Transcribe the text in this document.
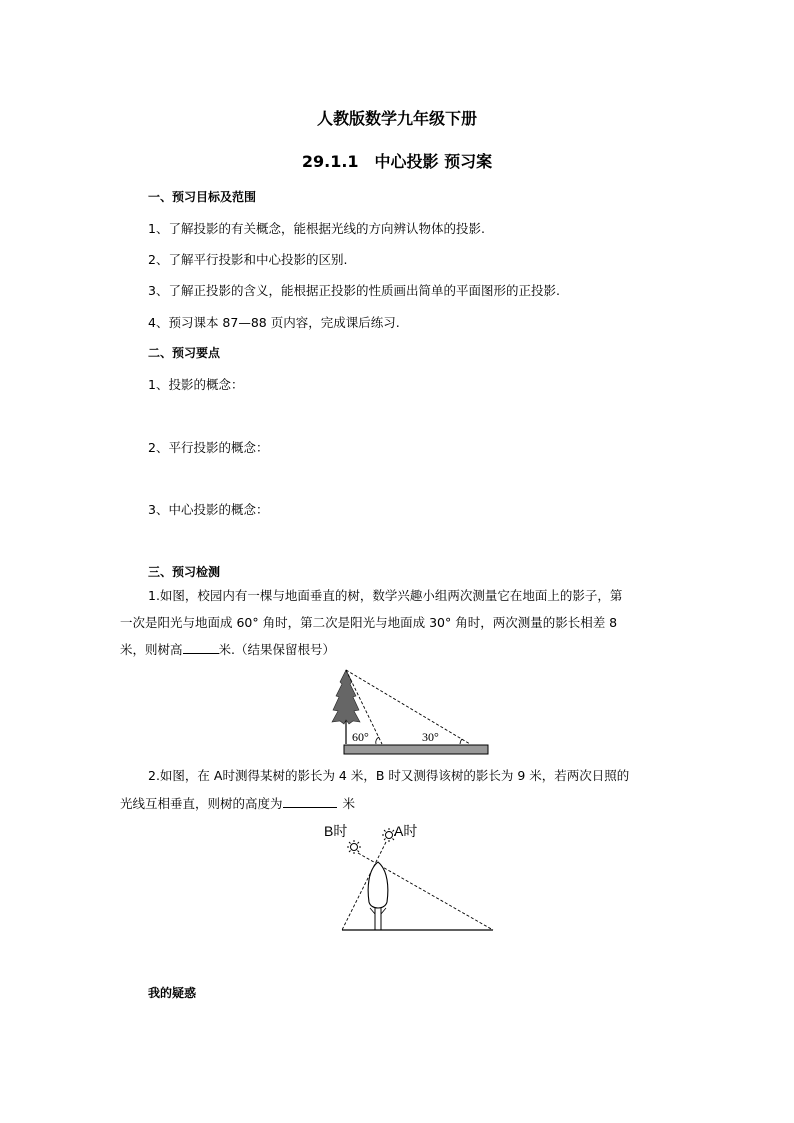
人教版数学九年级下册
29.1.1　中心投影 预习案
一、预习目标及范围
1、了解投影的有关概念，能根据光线的方向辨认物体的投影.
2、了解平行投影和中心投影的区别.
3、了解正投影的含义，能根据正投影的性质画出简单的平面图形的正投影.
4、预习课本 87—88 页内容，完成课后练习.
二、预习要点
1、投影的概念：
2、平行投影的概念：
3、中心投影的概念：
三、预习检测
1.如图，校园内有一棵与地面垂直的树，数学兴趣小组两次测量它在地面上的影子，第
一次是阳光与地面成 60° 角时，第二次是阳光与地面成 30° 角时，两次测量的影长相差 8
米，则树高	米.（结果保留根号）
60°	30°
2.如图，在 A时测得某树的影长为 4 米，B 时又测得该树的影长为 9 米，若两次日照的
光线互相垂直，则树的高度为	米
B时	A时
我的疑惑
